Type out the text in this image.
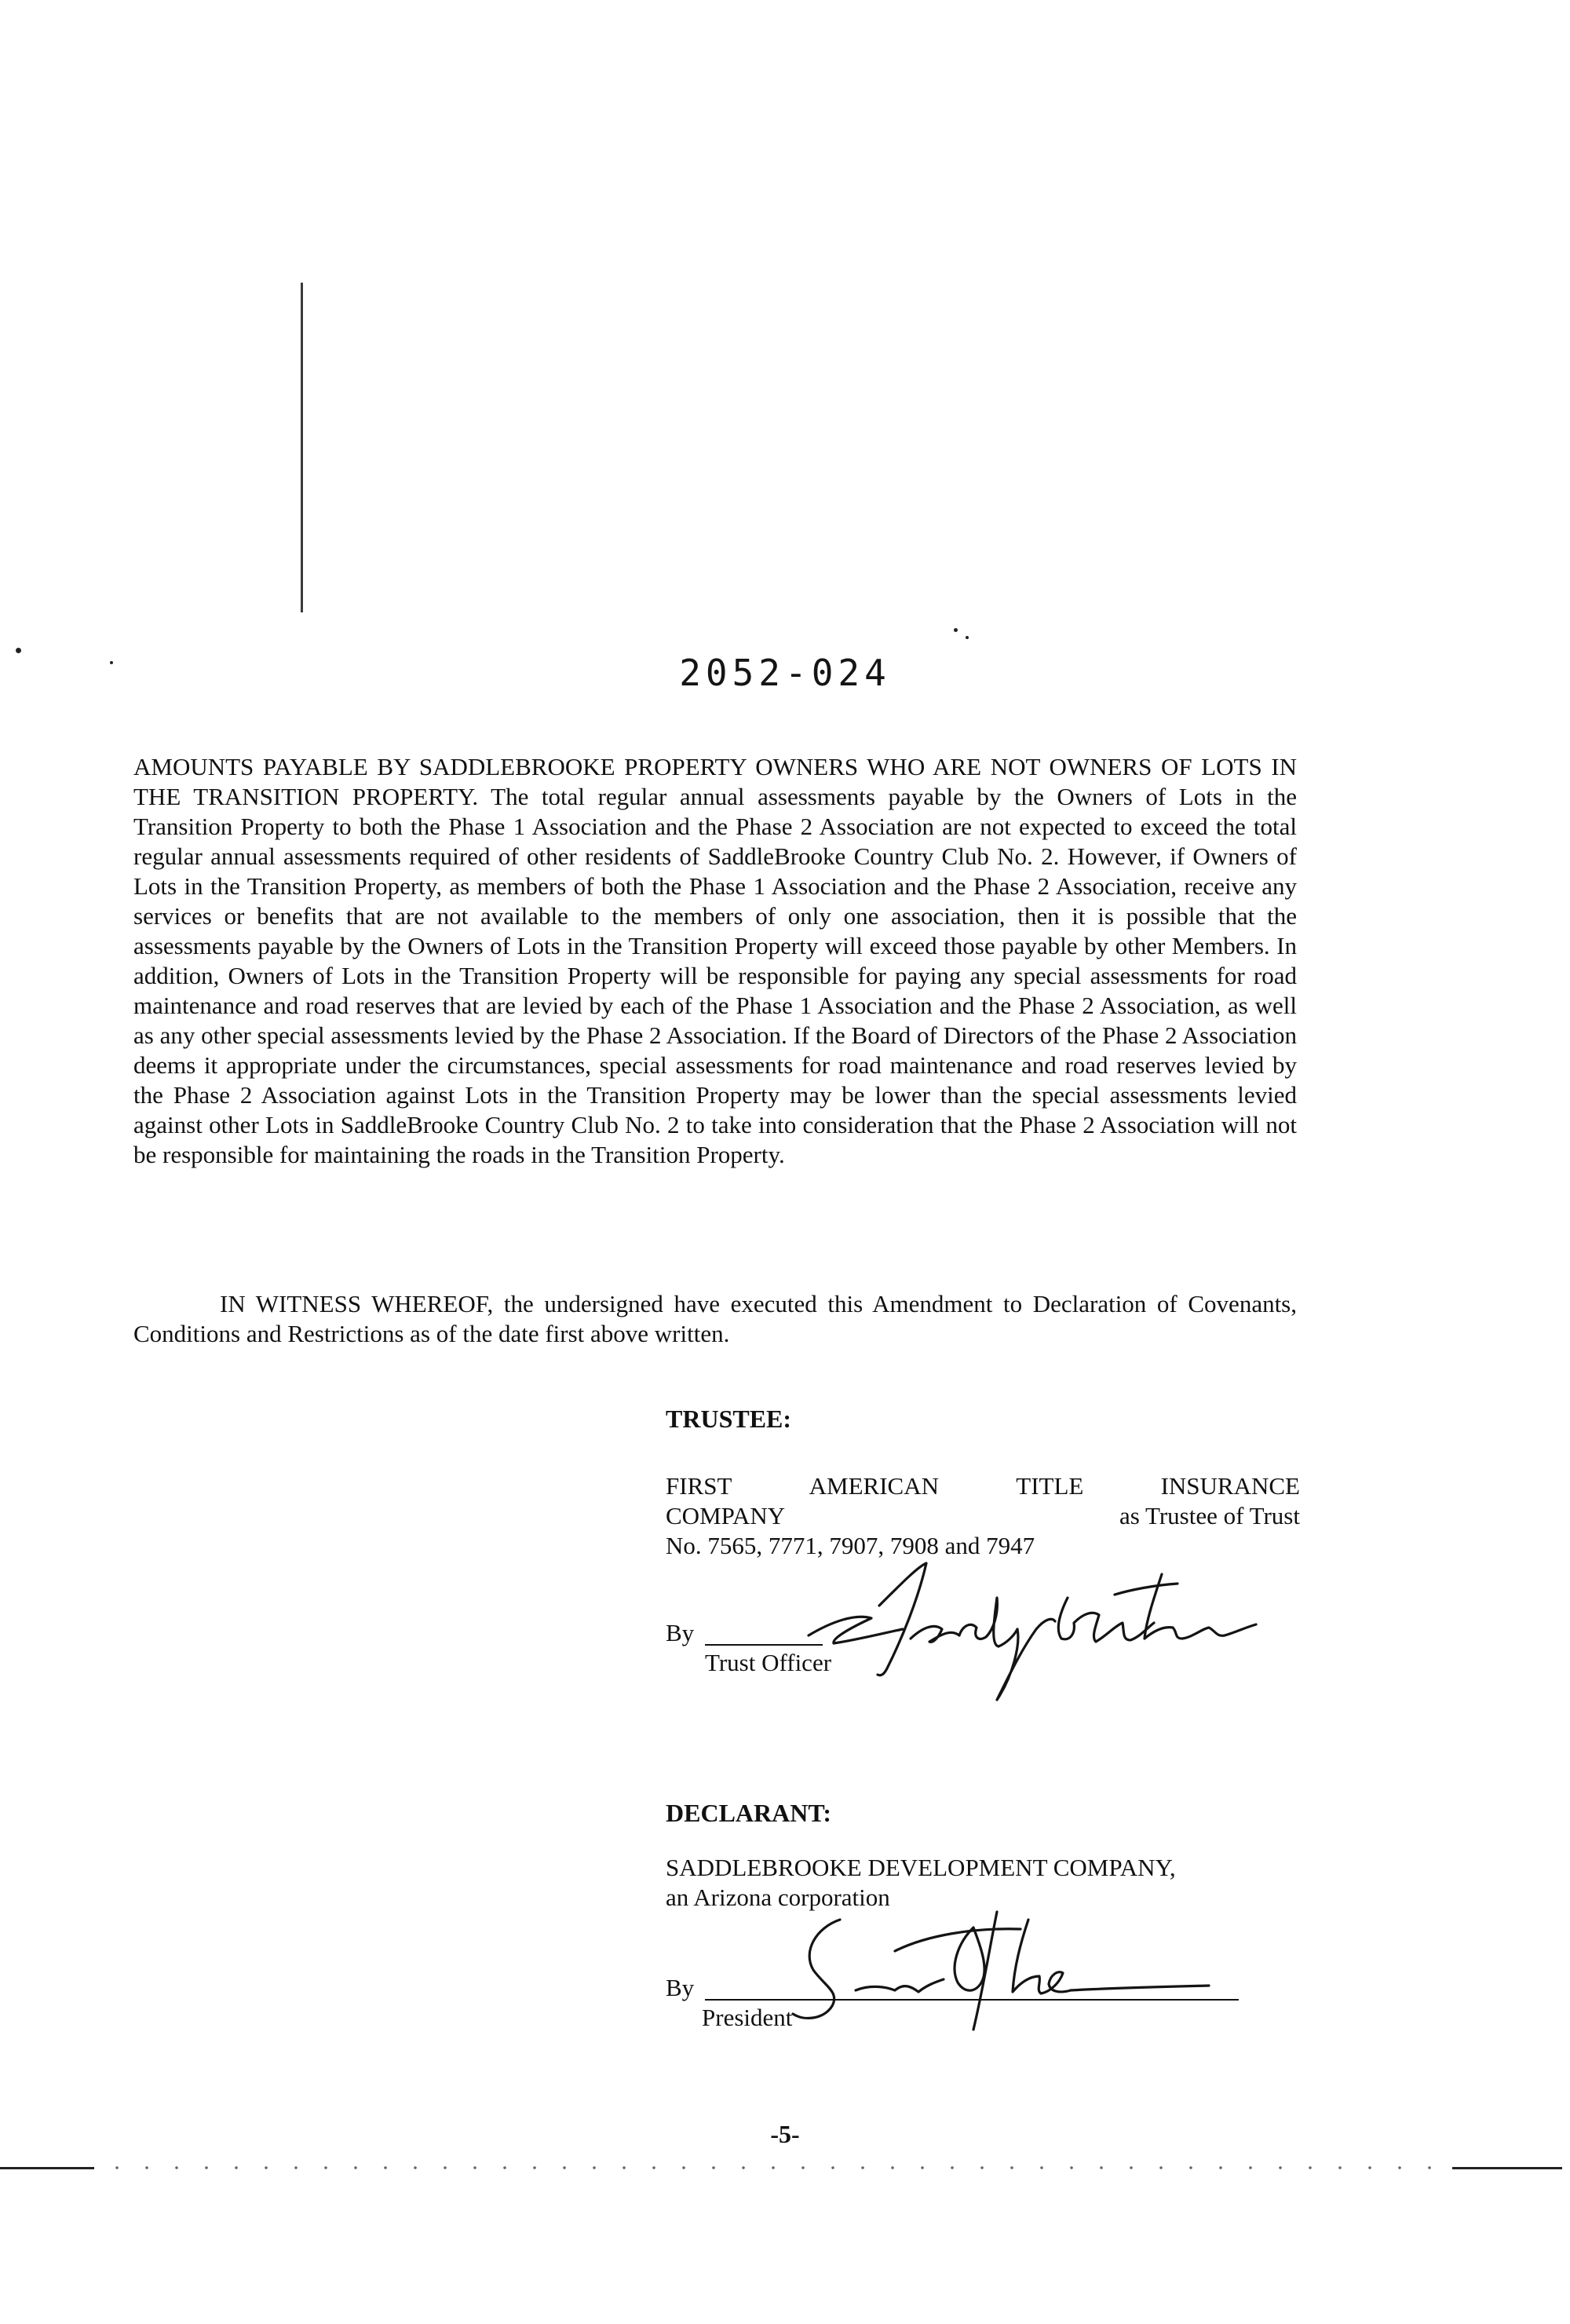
2052-024
AMOUNTS PAYABLE BY SADDLEBROOKE PROPERTY OWNERS WHO ARE NOT OWNERS OF LOTS IN THE TRANSITION PROPERTY. The total regular annual assessments payable by the Owners of Lots in the Transition Property to both the Phase 1 Association and the Phase 2 Association are not expected to exceed the total regular annual assessments required of other residents of SaddleBrooke Country Club No. 2. However, if Owners of Lots in the Transition Property, as members of both the Phase 1 Association and the Phase 2 Association, receive any services or benefits that are not available to the members of only one association, then it is possible that the assessments payable by the Owners of Lots in the Transition Property will exceed those payable by other Members. In addition, Owners of Lots in the Transition Property will be responsible for paying any special assessments for road maintenance and road reserves that are levied by each of the Phase 1 Association and the Phase 2 Association, as well as any other special assessments levied by the Phase 2 Association. If the Board of Directors of the Phase 2 Association deems it appropriate under the circumstances, special assessments for road maintenance and road reserves levied by the Phase 2 Association against Lots in the Transition Property may be lower than the special assessments levied against other Lots in SaddleBrooke Country Club No. 2 to take into consideration that the Phase 2 Association will not be responsible for maintaining the roads in the Transition Property.
IN WITNESS WHEREOF, the undersigned have executed this Amendment to Declaration of Covenants, Conditions and Restrictions as of the date first above written.
TRUSTEE:
FIRST	AMERICAN	TITLE	INSURANCE
COMPANY	as Trustee of Trust
No. 7565, 7771, 7907, 7908 and 7947
By
Trust Officer
DECLARANT:
SADDLEBROOKE DEVELOPMENT COMPANY,
an Arizona corporation
By
President
-5-
